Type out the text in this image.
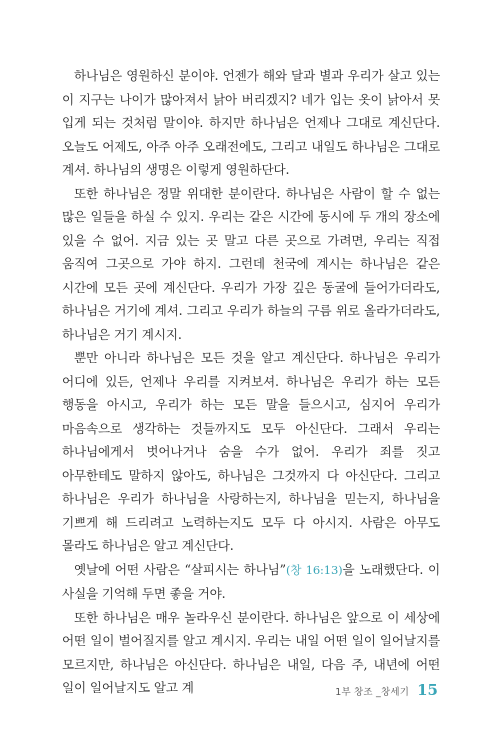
하나님은 영원하신 분이야. 언젠가 해와 달과 별과 우리가 살고 있는 이 지구는 나이가 많아져서 낡아 버리겠지? 네가 입는 옷이 낡아서 못 입게 되는 것처럼 말이야. 하지만 하나님은 언제나 그대로 계신단다. 오늘도 어제도, 아주 아주 오래전에도, 그리고 내일도 하나님은 그대로 계셔. 하나님의 생명은 이렇게 영원하단다.

또한 하나님은 정말 위대한 분이란다. 하나님은 사람이 할 수 없는 많은 일들을 하실 수 있지. 우리는 같은 시간에 동시에 두 개의 장소에 있을 수 없어. 지금 있는 곳 말고 다른 곳으로 가려면, 우리는 직접 움직여 그곳으로 가야 하지. 그런데 천국에 계시는 하나님은 같은 시간에 모든 곳에 계신단다. 우리가 가장 깊은 동굴에 들어가더라도, 하나님은 거기에 계셔. 그리고 우리가 하늘의 구름 위로 올라가더라도, 하나님은 거기 계시지.

뿐만 아니라 하나님은 모든 것을 알고 계신단다. 하나님은 우리가 어디에 있든, 언제나 우리를 지켜보셔. 하나님은 우리가 하는 모든 행동을 아시고, 우리가 하는 모든 말을 들으시고, 심지어 우리가 마음속으로 생각하는 것들까지도 모두 아신단다. 그래서 우리는 하나님에게서 벗어나거나 숨을 수가 없어. 우리가 죄를 짓고 아무한테도 말하지 않아도, 하나님은 그것까지 다 아신단다. 그리고 하나님은 우리가 하나님을 사랑하는지, 하나님을 믿는지, 하나님을 기쁘게 해 드리려고 노력하는지도 모두 다 아시지. 사람은 아무도 몰라도 하나님은 알고 계신단다.

옛날에 어떤 사람은 “살피시는 하나님”(창 16:13)을 노래했단다. 이 사실을 기억해 두면 좋을 거야.

또한 하나님은 매우 놀라우신 분이란다. 하나님은 앞으로 이 세상에 어떤 일이 벌어질지를 알고 계시지. 우리는 내일 어떤 일이 일어날지를 모르지만, 하나님은 아신단다. 하나님은 내일, 다음 주, 내년에 어떤 일이 일어날지도 알고 계	1부 창조 _창세기 15
